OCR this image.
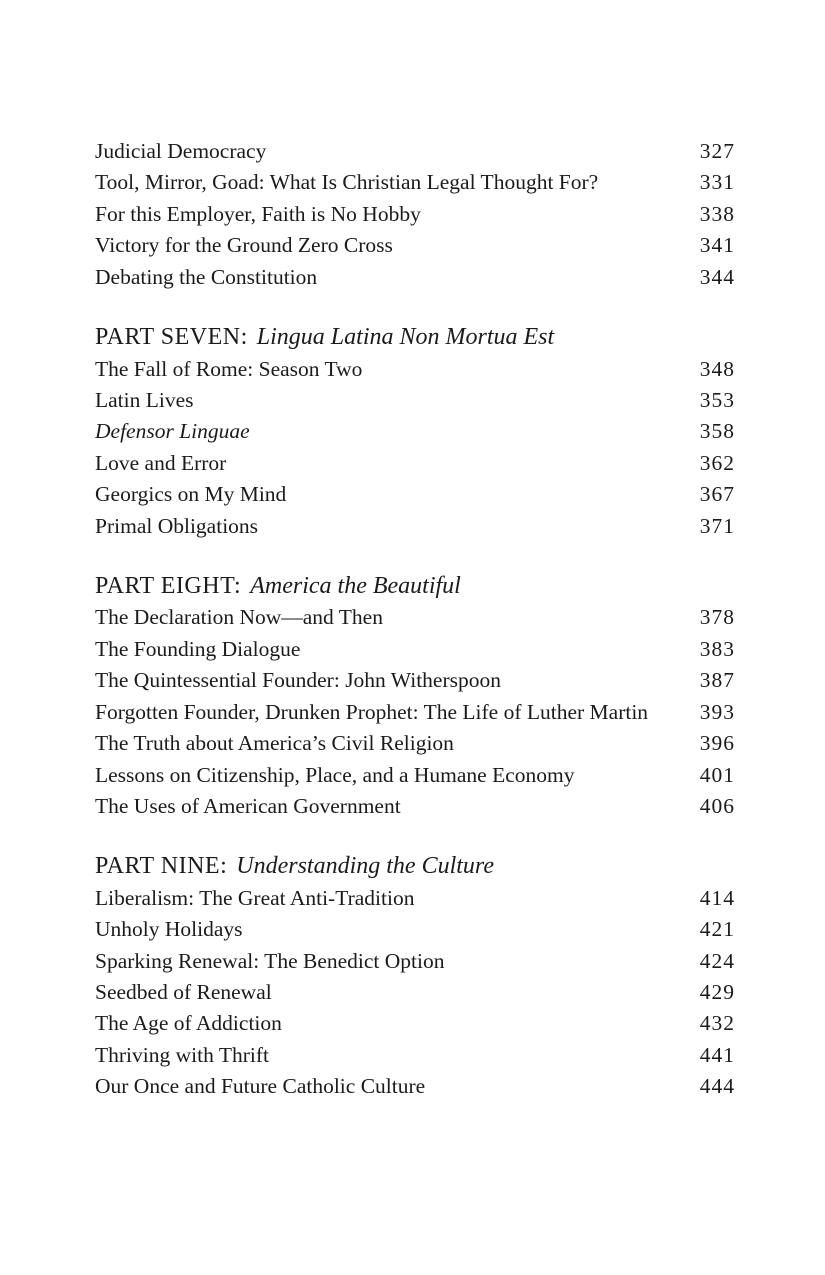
Judicial Democracy	327
Tool, Mirror, Goad: What Is Christian Legal Thought For?	331
For this Employer, Faith is No Hobby	338
Victory for the Ground Zero Cross	341
Debating the Constitution	344
PART SEVEN: Lingua Latina Non Mortua Est
The Fall of Rome: Season Two	348
Latin Lives	353
Defensor Linguae	358
Love and Error	362
Georgics on My Mind	367
Primal Obligations	371
PART EIGHT: America the Beautiful
The Declaration Now—and Then	378
The Founding Dialogue	383
The Quintessential Founder: John Witherspoon	387
Forgotten Founder, Drunken Prophet: The Life of Luther Martin 393
The Truth about America’s Civil Religion	396
Lessons on Citizenship, Place, and a Humane Economy	401
The Uses of American Government	406
PART NINE: Understanding the Culture
Liberalism: The Great Anti-Tradition	414
Unholy Holidays	421
Sparking Renewal: The Benedict Option	424
Seedbed of Renewal	429
The Age of Addiction	432
Thriving with Thrift	441
Our Once and Future Catholic Culture	444
